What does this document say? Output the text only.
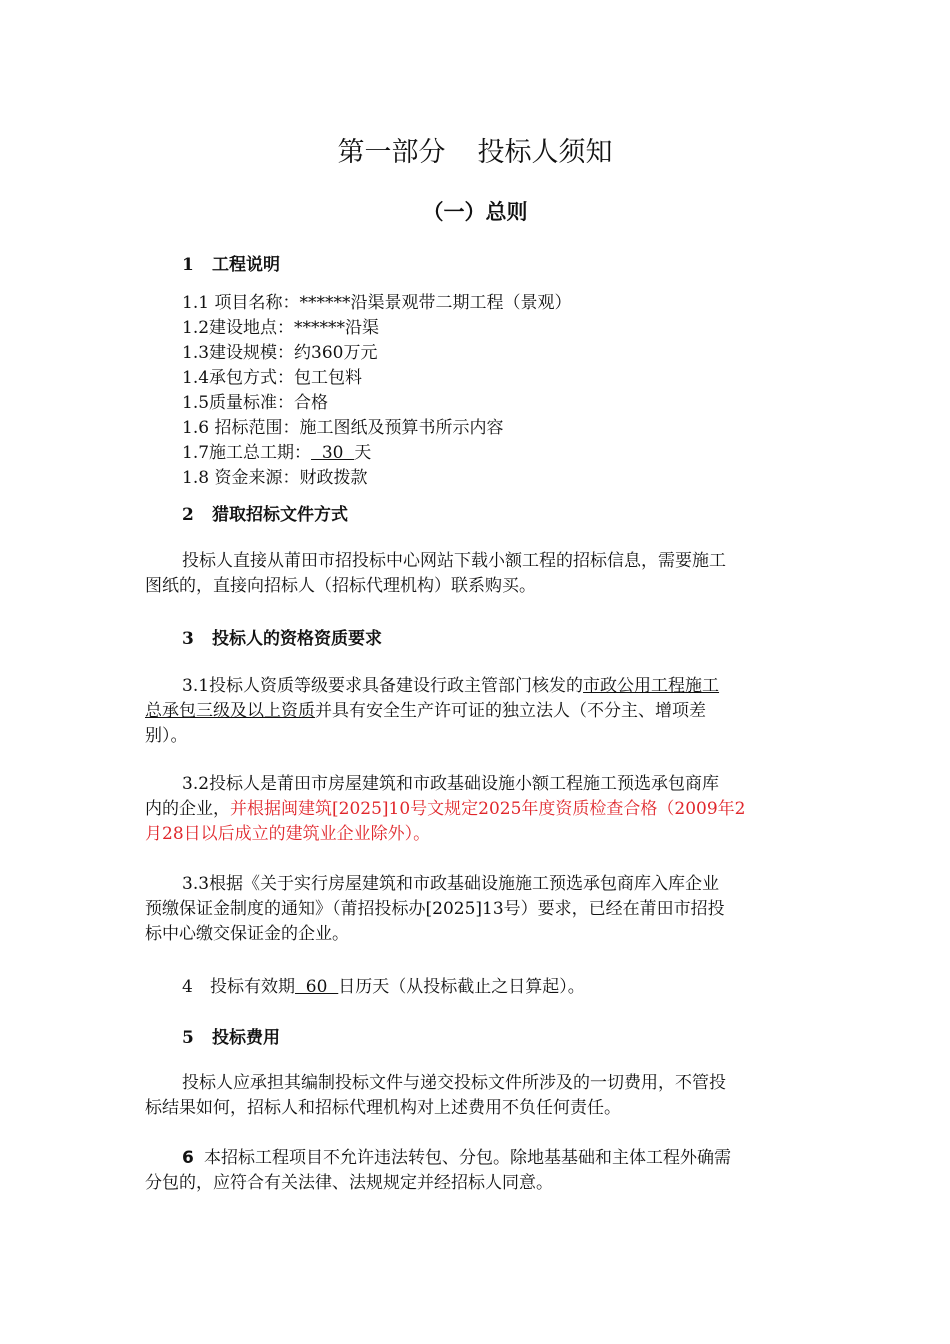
第一部分 投标人须知
（一）总则
1 工程说明
1.1 项目名称：******沿渠景观带二期工程（景观）
1.2建设地点：******沿渠
1.3建设规模：约360万元
1.4承包方式：包工包料
1.5质量标准：合格
1.6 招标范围：施工图纸及预算书所示内容
1.7施工总工期：  30  天
1.8 资金来源：财政拨款
2 猎取招标文件方式
投标人直接从莆田市招投标中心网站下载小额工程的招标信息，需要施工
图纸的，直接向招标人（招标代理机构）联系购买。
3 投标人的资格资质要求
3.1投标人资质等级要求具备建设行政主管部门核发的市政公用工程施工
总承包三级及以上资质并具有安全生产许可证的独立法人（不分主、增项差
别）。
3.2投标人是莆田市房屋建筑和市政基础设施小额工程施工预选承包商库
内的企业，并根据闽建筑[2025]10号文规定2025年度资质检查合格（2009年2
月28日以后成立的建筑业企业除外）。
3.3根据《关于实行房屋建筑和市政基础设施施工预选承包商库入库企业
预缴保证金制度的通知》（莆招投标办[2025]13号）要求，已经在莆田市招投
标中心缴交保证金的企业。
4 投标有效期  60  日历天（从投标截止之日算起）。
5 投标费用
投标人应承担其编制投标文件与递交投标文件所涉及的一切费用，不管投
标结果如何，招标人和招标代理机构对上述费用不负任何责任。
6 本招标工程项目不允许违法转包、分包。除地基基础和主体工程外确需
分包的，应符合有关法律、法规规定并经招标人同意。
